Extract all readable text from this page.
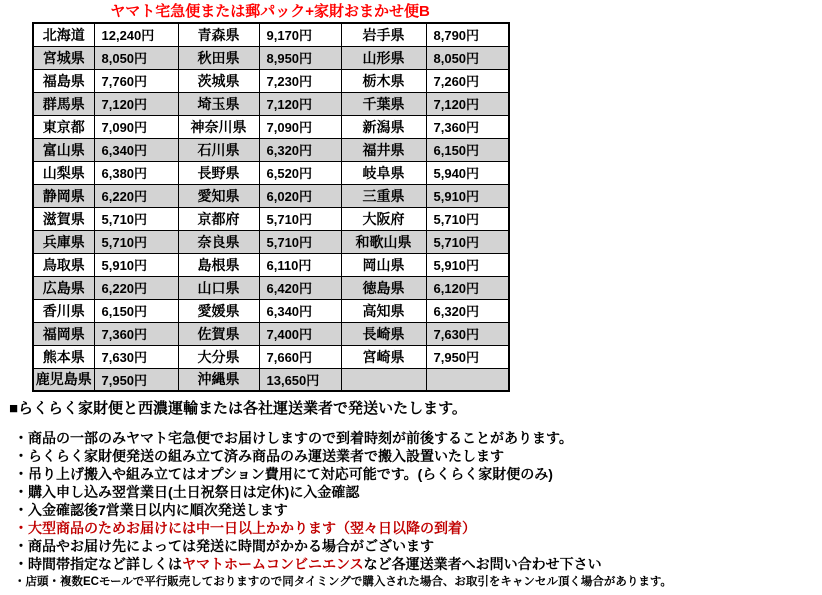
ヤマト宅急便または郵パック+家財おまかせ便B
北海道	12,240円	青森県	9,170円	岩手県	8,790円
宮城県	8,050円	秋田県	8,950円	山形県	8,050円
福島県	7,760円	茨城県	7,230円	栃木県	7,260円
群馬県	7,120円	埼玉県	7,120円	千葉県	7,120円
東京都	7,090円	神奈川県	7,090円	新潟県	7,360円
富山県	6,340円	石川県	6,320円	福井県	6,150円
山梨県	6,380円	長野県	6,520円	岐阜県	5,940円
静岡県	6,220円	愛知県	6,020円	三重県	5,910円
滋賀県	5,710円	京都府	5,710円	大阪府	5,710円
兵庫県	5,710円	奈良県	5,710円	和歌山県	5,710円
鳥取県	5,910円	島根県	6,110円	岡山県	5,910円
広島県	6,220円	山口県	6,420円	徳島県	6,120円
香川県	6,150円	愛媛県	6,340円	高知県	6,320円
福岡県	7,360円	佐賀県	7,400円	長崎県	7,630円
熊本県	7,630円	大分県	7,660円	宮崎県	7,950円
鹿児島県	7,950円	沖縄県	13,650円		
■らくらく家財便と西濃運輸または各社運送業者で発送いたします。
・商品の一部のみヤマト宅急便でお届けしますので到着時刻が前後することがあります。
・らくらく家財便発送の組み立て済み商品のみ運送業者で搬入設置いたします
・吊り上げ搬入や組み立てはオプション費用にて対応可能です。(らくらく家財便のみ)
・購入申し込み翌営業日(土日祝祭日は定休)に入金確認
・入金確認後7営業日以内に順次発送します
・大型商品のためお届けには中一日以上かかります（翌々日以降の到着）
・商品やお届け先によっては発送に時間がかかる場合がございます
・時間帯指定など詳しくはヤマトホームコンビニエンスなど各運送業者へお問い合わせ下さい
・店頭・複数ECモールで平行販売しておりますので同タイミングで購入された場合、お取引をキャンセル頂く場合があります。
